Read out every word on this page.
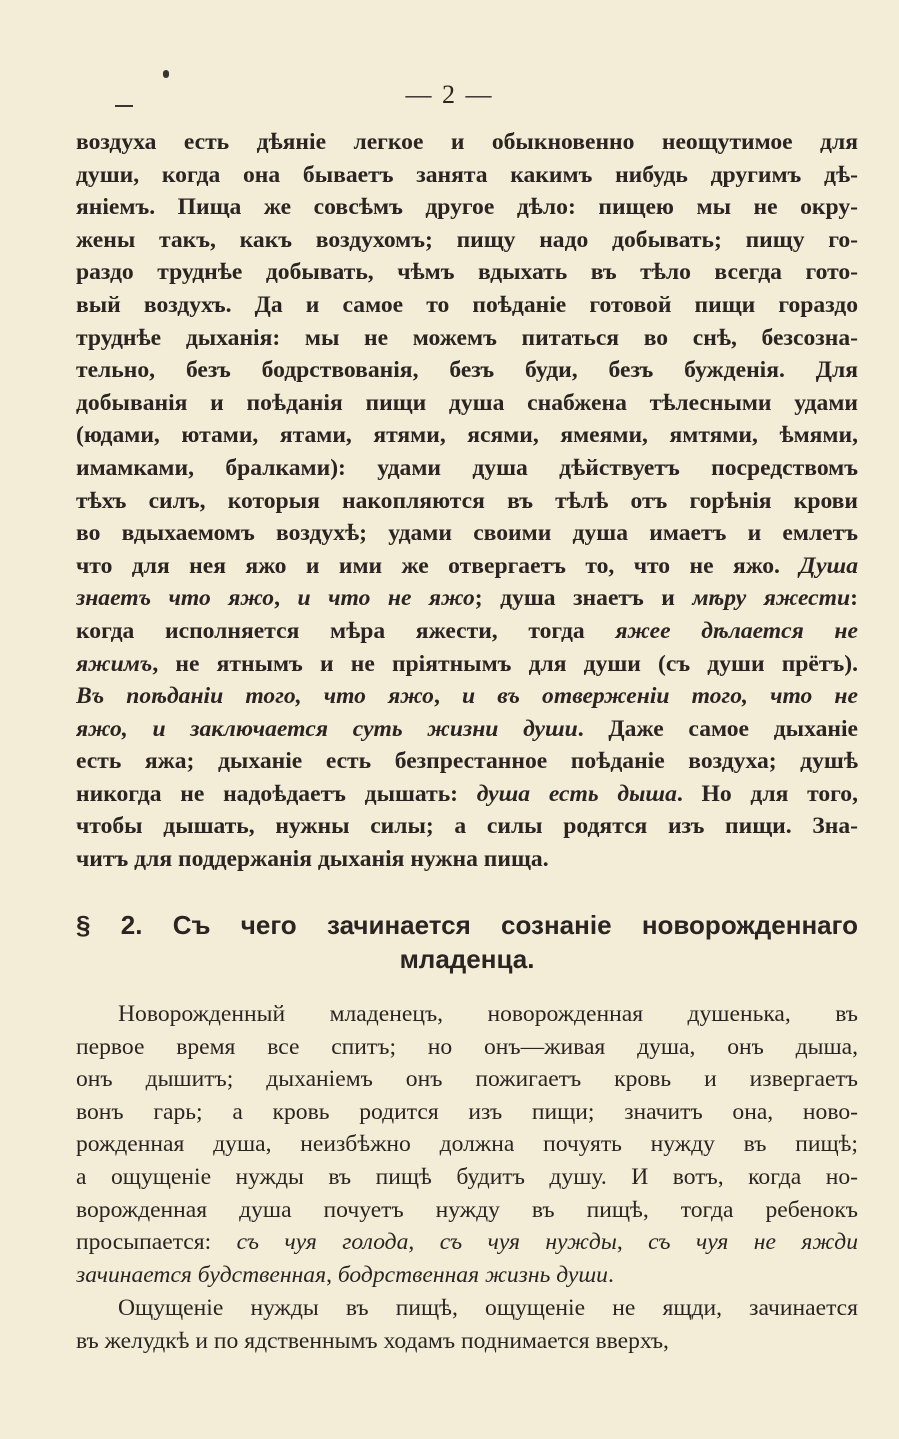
— 2 —
воздуха есть дѣяніе легкое и обыкновенно неощутимое для
души, когда она бываетъ занята какимъ нибудь другимъ дѣ-
яніемъ. Пища же совсѣмъ другое дѣло: пищею мы не окру-
жены такъ, какъ воздухомъ; пищу надо добывать; пищу го-
раздо труднѣе добывать, чѣмъ вдыхать въ тѣло всегда гото-
вый воздухъ. Да и самое то поѣданіе готовой пищи гораздо
труднѣе дыханія: мы не можемъ питаться во снѣ, безсозна-
тельно, безъ бодрствованія, безъ буди, безъ бужденія. Для
добыванія и поѣданія пищи душа снабжена тѣлесными удами
(юдами, ютами, ятами, ятями, ясями, ямеями, ямтями, ѣмями,
имамками, бралками): удами душа дѣйствуетъ посредствомъ
тѣхъ силъ, которыя накопляются въ тѣлѣ отъ горѣнія крови
во вдыхаемомъ воздухѣ; удами своими душа имаетъ и емлетъ
что для нея яжо и ими же отвергаетъ то, что не яжо. Душа
знаетъ что яжо, и что не яжо; душа знаетъ и мѣру яжести:
когда исполняется мѣра яжести, тогда яжее дѣлается не
яжимъ, не ятнымъ и не пріятнымъ для души (съ души прётъ).
Въ поѣданіи того, что яжо, и въ отверженіи того, что не
яжо, и заключается суть жизни души. Даже самое дыханіе
есть яжа; дыханіе есть безпрестанное поѣданіе воздуха; душѣ
никогда не надоѣдаетъ дышать: душа есть дыша. Но для того,
чтобы дышать, нужны силы; а силы родятся изъ пищи. Зна-
читъ для поддержанія дыханія нужна пища.
§ 2. Съ чего зачинается сознаніе новорожденнаго
младенца.
Новорожденный младенецъ, новорожденная душенька, въ
первое время все спитъ; но онъ—живая душа, онъ дыша,
онъ дышитъ; дыханіемъ онъ пожигаетъ кровь и извергаетъ
вонъ гарь; а кровь родится изъ пищи; значитъ она, ново-
рожденная душа, неизбѣжно должна почуять нужду въ пищѣ;
а ощущеніе нужды въ пищѣ будитъ душу. И вотъ, когда но-
ворожденная душа почуетъ нужду въ пищѣ, тогда ребенокъ
просыпается: съ чуя голода, съ чуя нужды, съ чуя не яжди
зачинается будственная, бодрственная жизнь души.
Ощущеніе нужды въ пищѣ, ощущеніе не ящди, зачинается
въ желудкѣ и по ядственнымъ ходамъ поднимается вверхъ,
